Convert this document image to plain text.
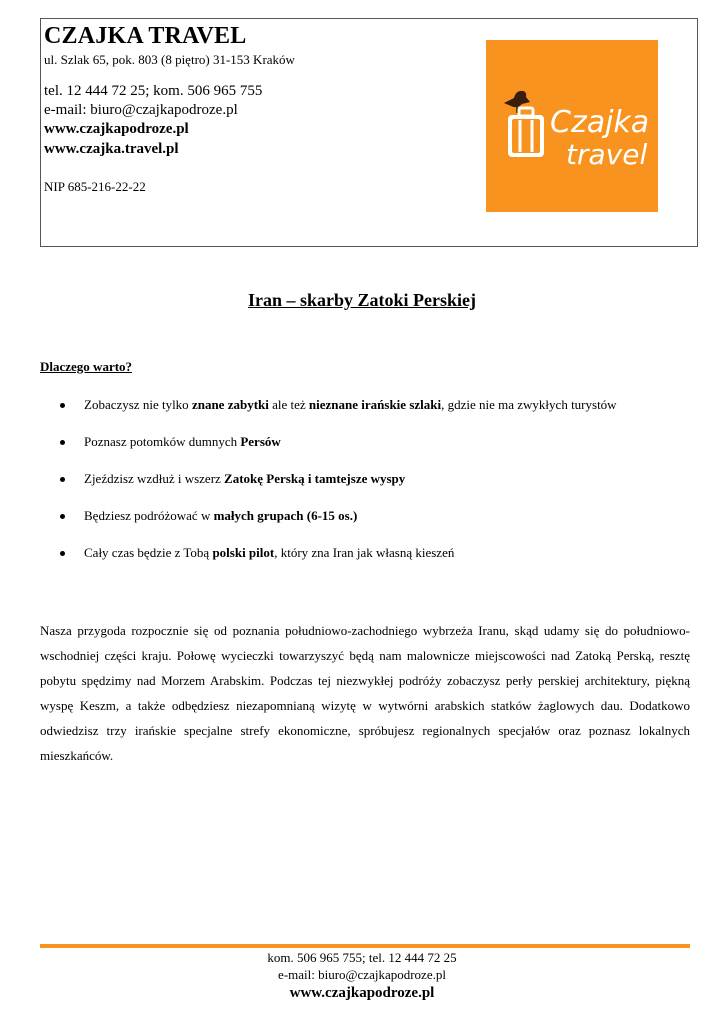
CZAJKA TRAVEL
ul. Szlak 65, pok. 803 (8 piętro) 31-153 Kraków
tel. 12 444 72 25; kom. 506 965 755
e-mail: biuro@czajkapodroze.pl
www.czajkapodroze.pl
www.czajka.travel.pl
NIP 685-216-22-22
Czajka
travel
Iran – skarby Zatoki Perskiej
Dlaczego warto?
Zobaczysz nie tylko znane zabytki ale też nieznane irańskie szlaki, gdzie nie ma zwykłych turystów
Poznasz potomków dumnych Persów
Zjeździsz wzdłuż i wszerz Zatokę Perską i tamtejsze wyspy
Będziesz podróżować w małych grupach (6-15 os.)
Cały czas będzie z Tobą polski pilot, który zna Iran jak własną kieszeń

Nasza przygoda rozpocznie się od poznania południowo-zachodniego wybrzeża Iranu, skąd udamy się do południowo-wschodniej części kraju. Połowę wycieczki towarzyszyć będą nam malownicze miejscowości nad Zatoką Perską, resztę pobytu spędzimy nad Morzem Arabskim. Podczas tej niezwykłej podróży zobaczysz perły perskiej architektury, piękną wyspę Keszm, a także odbędziesz niezapomnianą wizytę w wytwórni arabskich statków żaglowych dau. Dodatkowo odwiedzisz trzy irańskie specjalne strefy ekonomiczne, spróbujesz regionalnych specjałów oraz poznasz lokalnych mieszkańców.

kom. 506 965 755; tel. 12 444 72 25
e-mail: biuro@czajkapodroze.pl
www.czajkapodroze.pl
